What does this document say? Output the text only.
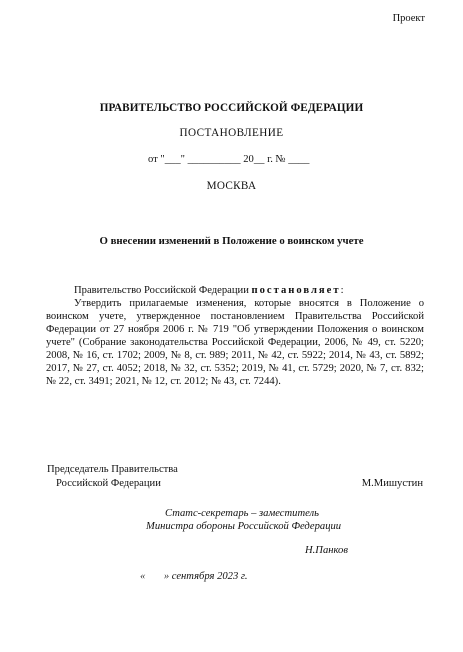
Проект
ПРАВИТЕЛЬСТВО РОССИЙСКОЙ ФЕДЕРАЦИИ
ПОСТАНОВЛЕНИЕ
от "___" __________ 20__ г. № ____
МОСКВА
О внесении изменений в Положение о воинском учете

Правительство Российской Федерации постановляет:

Утвердить прилагаемые изменения, которые вносятся в Положение о воинском учете, утвержденное постановлением Правительства Российской Федерации от 27 ноября 2006 г. № 719 "Об утверждении Положения о воинском учете" (Собрание законодательства Российской Федерации, 2006, № 49, ст. 5220; 2008, № 16, ст. 1702; 2009, № 8, ст. 989; 2011, № 42, ст. 5922; 2014, № 43, ст. 5892; 2017, № 27, ст. 4052; 2018, № 32, ст. 5352; 2019, № 41, ст. 5729; 2020, № 7, ст. 832; № 22, ст. 3491; 2021, № 12, ст. 2012; № 43, ст. 7244).

Председатель Правительства
Российской Федерации	М.Мишустин
Статс-секретарь – заместитель
Министра обороны Российской Федерации
Н.Панков
«       » сентября 2023 г.
